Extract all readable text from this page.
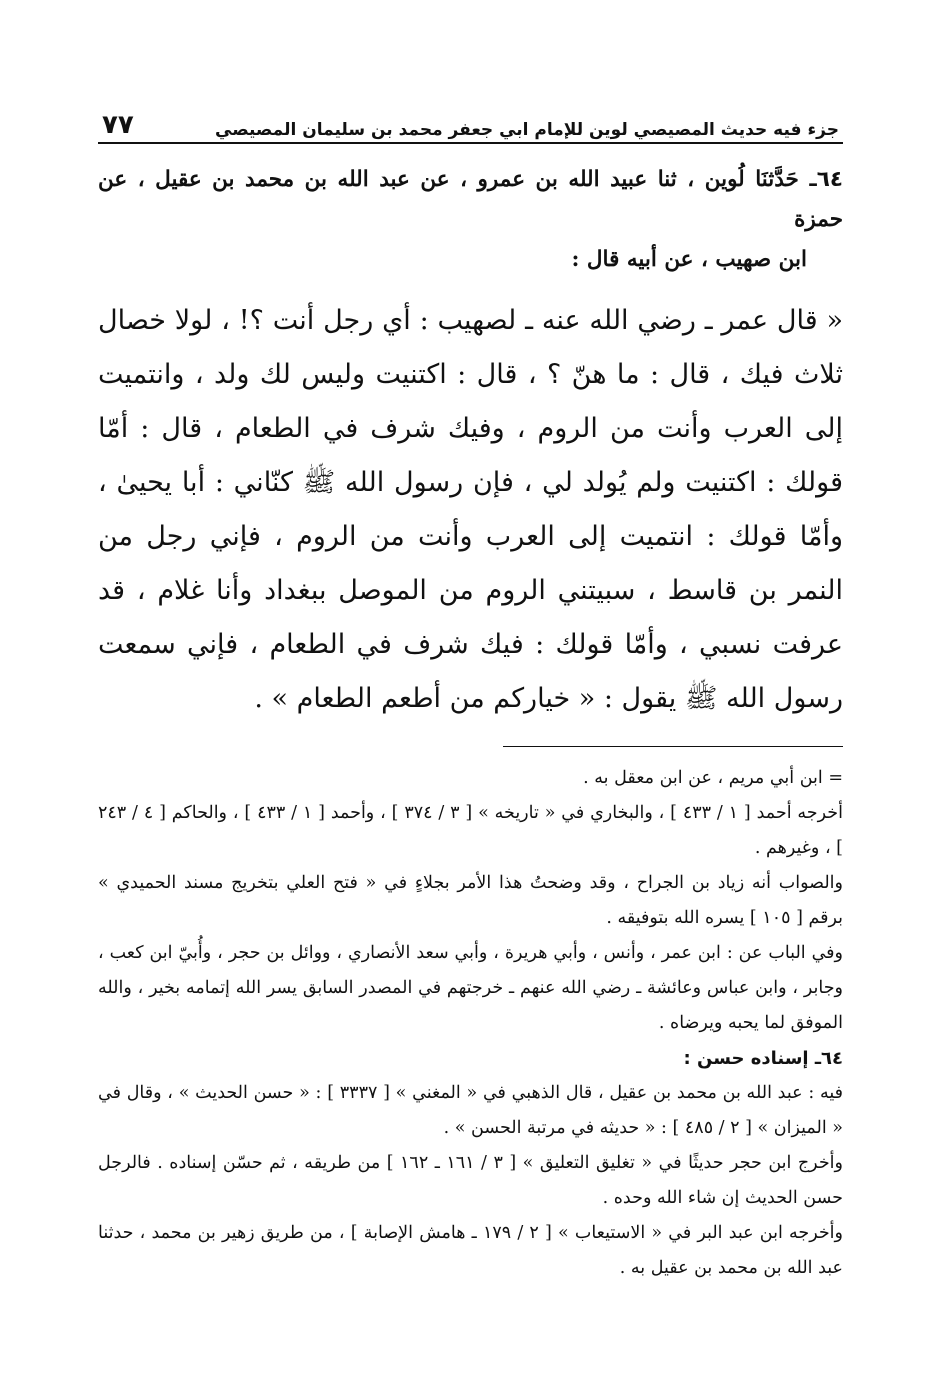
جزء فيه حديث المصيصي لوين للإمام ابي جعفر محمد بن سليمان المصيصي
٧٧
٦٤ـ حَدَّثنَا لُوين ، ثنا عبيد الله بن عمرو ، عن عبد الله بن محمد بن عقيل ، عن حمزة
ابن صهيب ، عن أبيه قال :
« قال عمر ـ رضي الله عنه ـ لصهيب : أي رجل أنت ؟! ، لولا خصال ثلاث فيك ، قال : ما هنّ ؟ ، قال : اكتنيت وليس لك ولد ، وانتميت إلى العرب وأنت من الروم ، وفيك شرف في الطعام ، قال : أمّا قولك : اكتنيت ولم يُولد لي ، فإن رسول الله ﷺ كنّاني : أبا يحيىٰ ، وأمّا قولك : انتميت إلى العرب وأنت من الروم ، فإني رجل من النمر بن قاسط ، سبيتني الروم من الموصل ببغداد وأنا غلام ، قد عرفت نسبي ، وأمّا قولك : فيك شرف في الطعام ، فإني سمعت رسول الله ﷺ يقول : « خياركم من أطعم الطعام » .

= ابن أبي مريم ، عن ابن معقل به .

أخرجه أحمد [ ١ / ٤٣٣ ] ، والبخاري في « تاريخه » [ ٣ / ٣٧٤ ] ، وأحمد [ ١ / ٤٣٣ ] ، والحاكم [ ٤ / ٢٤٣ ] ، وغيرهم .

والصواب أنه زياد بن الجراح ، وقد وضحتُ هذا الأمر بجلاءٍ في « فتح العلي بتخريج مسند الحميدي » برقم [ ١٠٥ ] يسره الله بتوفيقه .

وفي الباب عن : ابن عمر ، وأنس ، وأبي هريرة ، وأبي سعد الأنصاري ، ووائل بن حجر ، وأُبيّ ابن كعب ، وجابر ، وابن عباس وعائشة ـ رضي الله عنهم ـ خرجتهم في المصدر السابق يسر الله إتمامه بخير ، والله الموفق لما يحبه ويرضاه .

٦٤ـ إسناده حسن :

فيه : عبد الله بن محمد بن عقيل ، قال الذهبي في « المغني » [ ٣٣٣٧ ] : « حسن الحديث » ، وقال في « الميزان » [ ٢ / ٤٨٥ ] : « حديثه في مرتبة الحسن » .

وأخرج ابن حجر حديثًا في « تغليق التعليق » [ ٣ / ١٦١ ـ ١٦٢ ] من طريقه ، ثم حسّن إسناده . فالرجل حسن الحديث إن شاء الله وحده .

وأخرجه ابن عبد البر في « الاستيعاب » [ ٢ / ١٧٩ ـ هامش الإصابة ] ، من طريق زهير بن محمد ، حدثنا عبد الله بن محمد بن عقيل به .
